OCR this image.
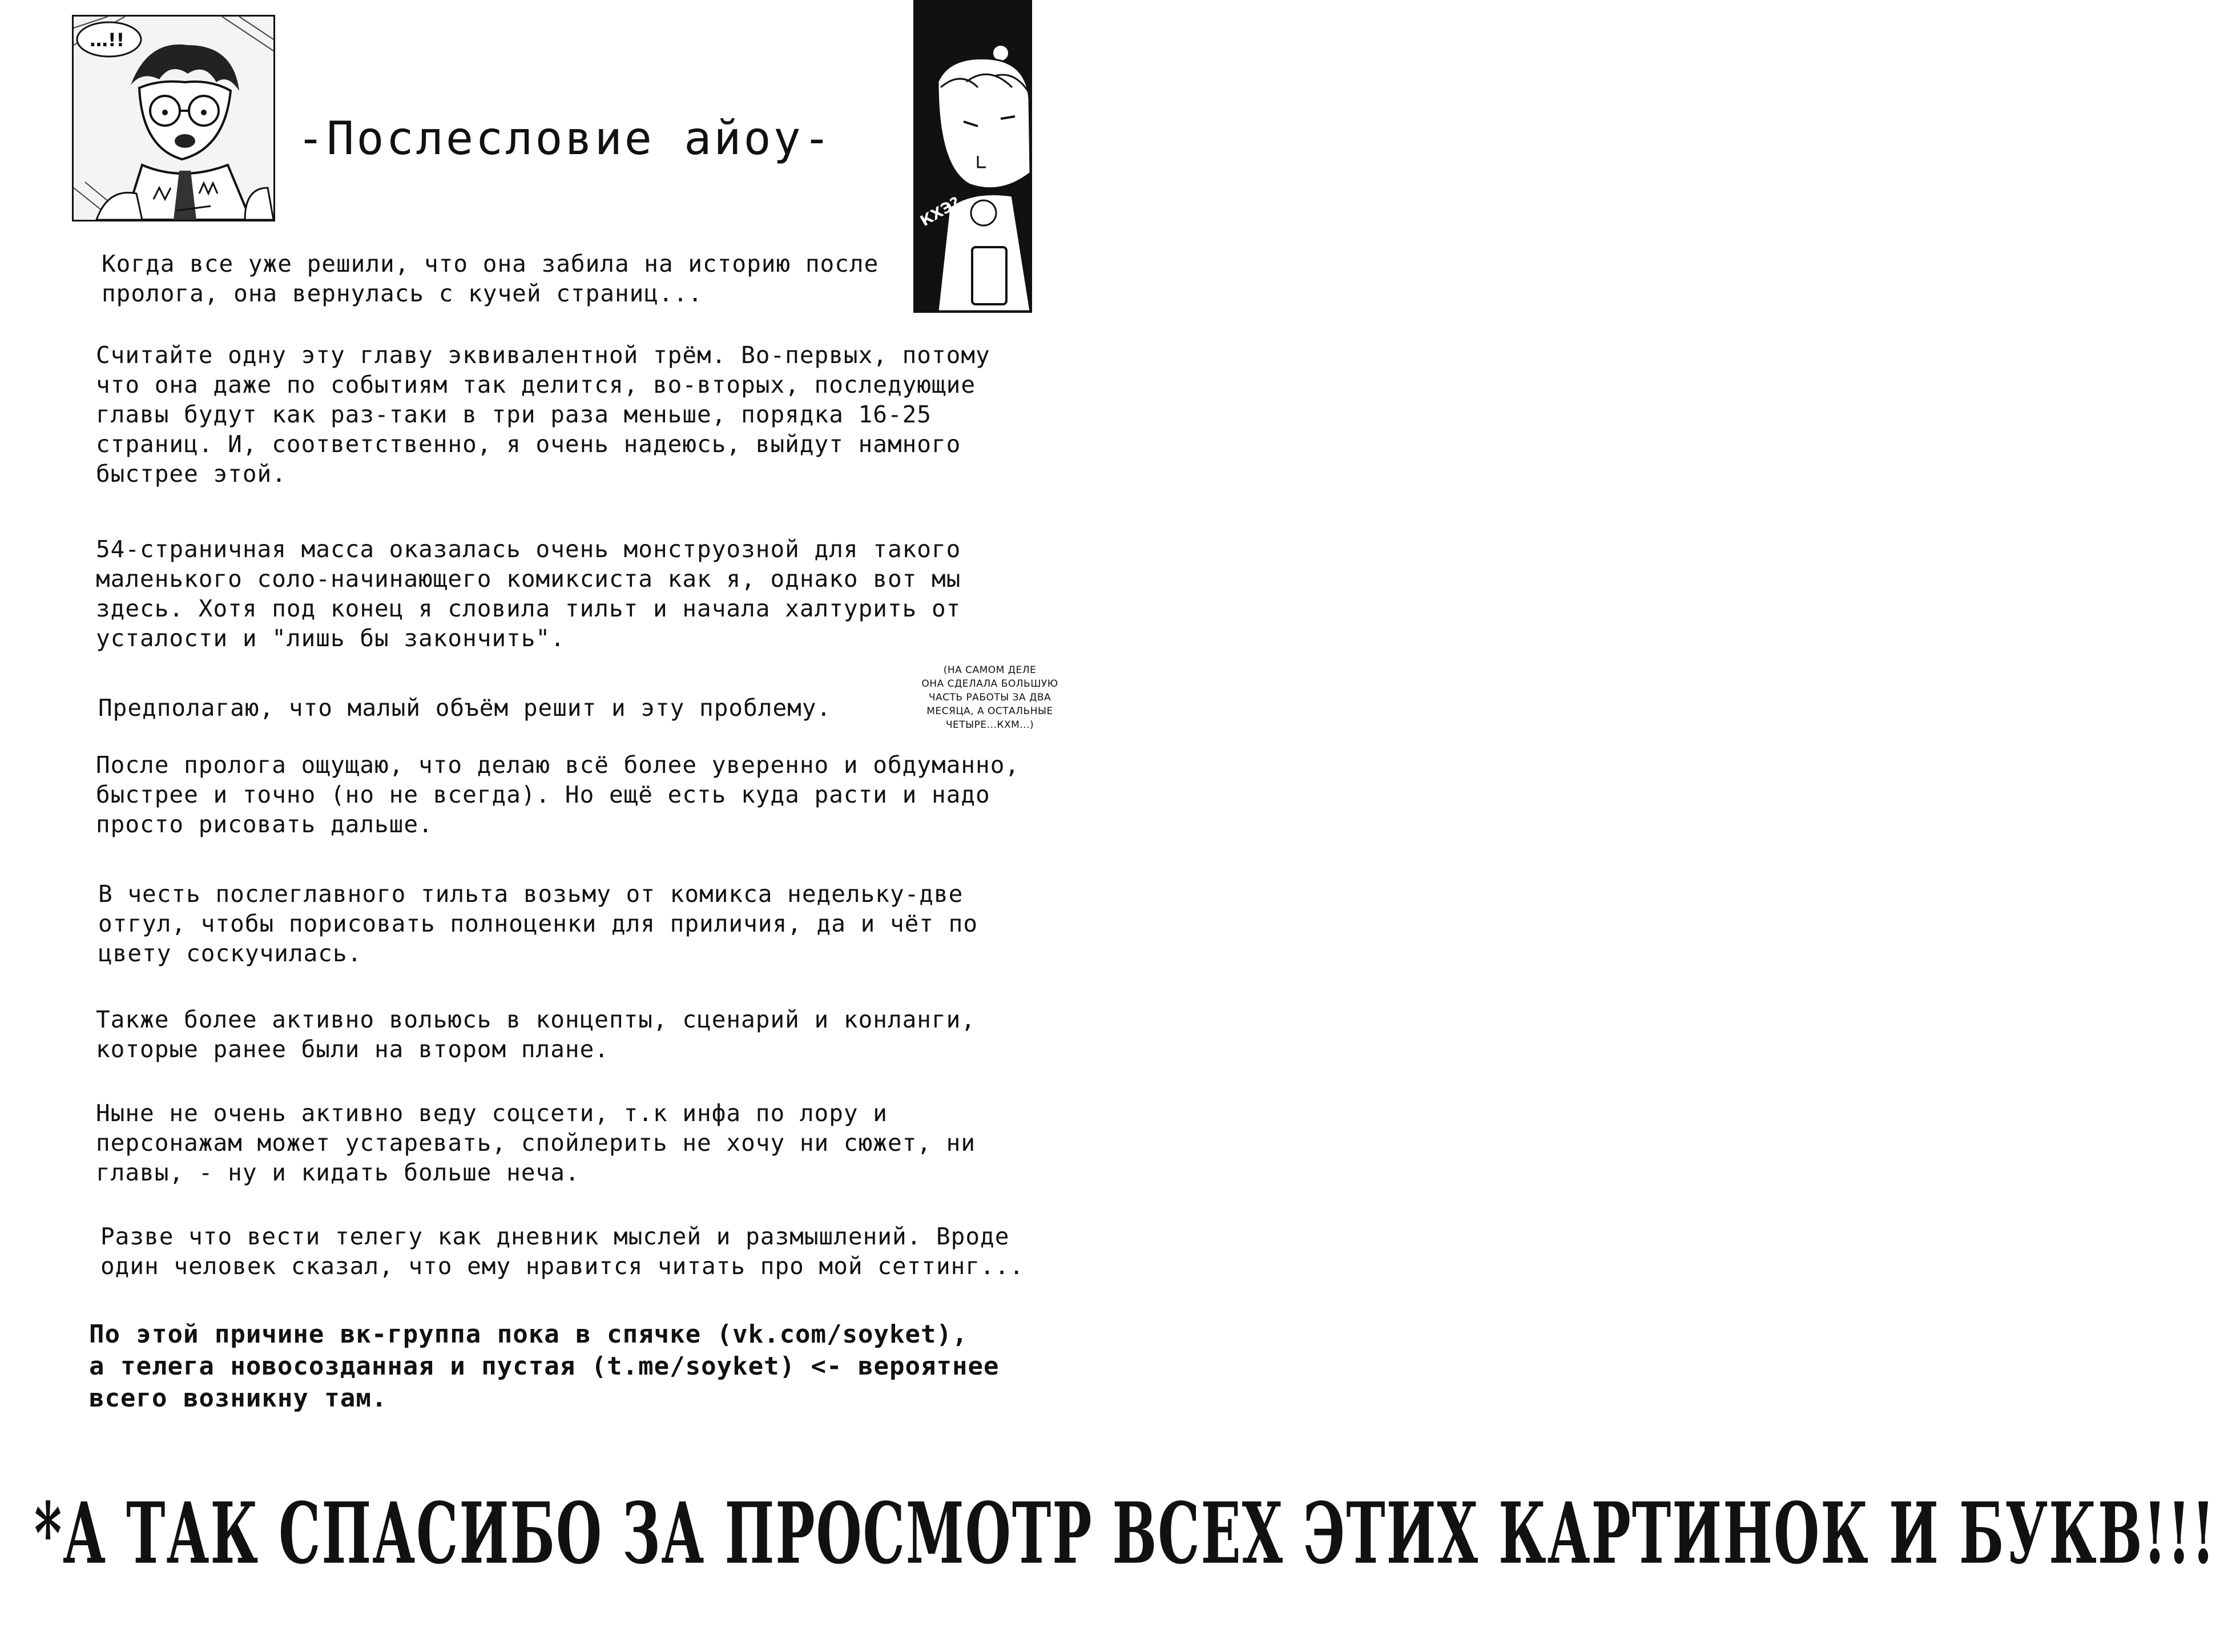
…!!
КХЭ?
-Послесловие айоу-
Когда все уже решили, что она забила на историю после
пролога, она вернулась с кучей страниц...
Считайте одну эту главу эквивалентной трём. Во-первых, потому
что она даже по событиям так делится, во-вторых, последующие
главы будут как раз-таки в три раза меньше, порядка 16-25
страниц. И, соответственно, я очень надеюсь, выйдут намного
быстрее этой.
54-страничная масса оказалась очень монструозной для такого
маленького соло-начинающего комиксиста как я, однако вот мы
здесь. Хотя под конец я словила тильт и начала халтурить от
усталости и "лишь бы закончить".
Предполагаю, что малый объём решит и эту проблему.
После пролога ощущаю, что делаю всё более уверенно и обдуманно,
быстрее и точно (но не всегда). Но ещё есть куда расти и надо
просто рисовать дальше.
В честь послеглавного тильта возьму от комикса недельку-две
отгул, чтобы порисовать полноценки для приличия, да и чёт по
цвету соскучилась.
Также более активно вольюсь в концепты, сценарий и конланги,
которые ранее были на втором плане.
Ныне не очень активно веду соцсети, т.к инфа по лору и
персонажам может устаревать, спойлерить не хочу ни сюжет, ни
главы, - ну и кидать больше неча.
Разве что вести телегу как дневник мыслей и размышлений. Вроде
один человек сказал, что ему нравится читать про мой сеттинг...
(НА САМОМ ДЕЛЕ
ОНА СДЕЛАЛА БОЛЬШУЮ
ЧАСТЬ РАБОТЫ ЗА ДВА
МЕСЯЦА, А ОСТАЛЬНЫЕ
ЧЕТЫРЕ...КХМ...)
По этой причине вк-группа пока в спячке (vk.com/soyket),
а телега новосозданная и пустая (t.me/soyket) <- вероятнее
всего возникну там.
*А ТАК СПАСИБО ЗА ПРОСМОТР ВСЕХ ЭТИХ КАРТИНОК И БУКВ!!!
